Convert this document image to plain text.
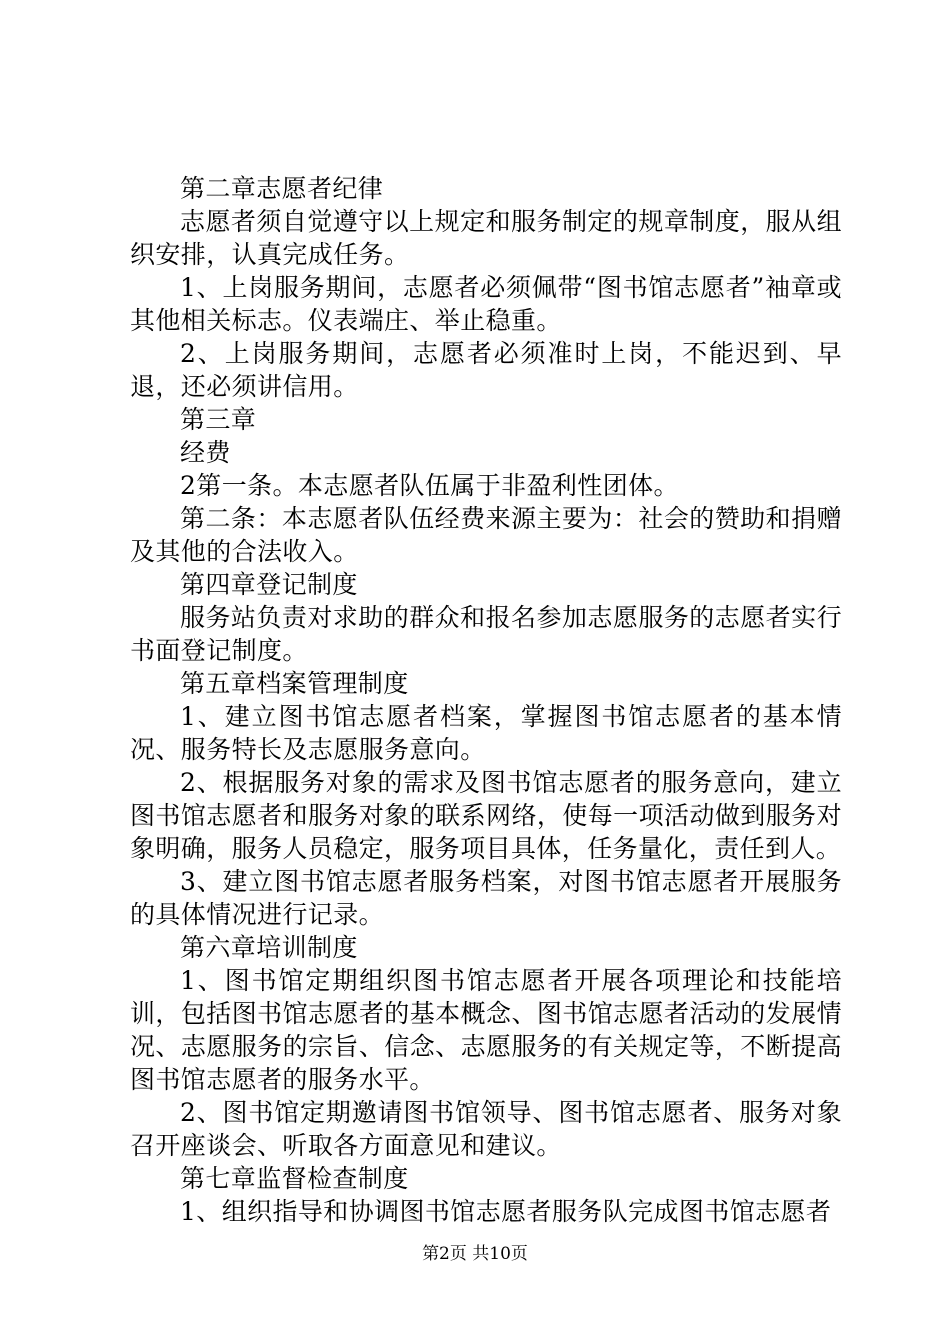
第二章志愿者纪律

志愿者须自觉遵守以上规定和服务制定的规章制度，服从组织安排，认真完成任务。

1、上岗服务期间，志愿者必须佩带“图书馆志愿者”袖章或其他相关标志。仪表端庄、举止稳重。

2、上岗服务期间，志愿者必须准时上岗，不能迟到、早退，还必须讲信用。

第三章

经费

2第一条。本志愿者队伍属于非盈利性团体。

第二条：本志愿者队伍经费来源主要为：社会的赞助和捐赠及其他的合法收入。

第四章登记制度

服务站负责对求助的群众和报名参加志愿服务的志愿者实行书面登记制度。

第五章档案管理制度

1、建立图书馆志愿者档案，掌握图书馆志愿者的基本情况、服务特长及志愿服务意向。

2、根据服务对象的需求及图书馆志愿者的服务意向，建立图书馆志愿者和服务对象的联系网络，使每一项活动做到服务对象明确，服务人员稳定，服务项目具体，任务量化，责任到人。

3、建立图书馆志愿者服务档案，对图书馆志愿者开展服务的具体情况进行记录。

第六章培训制度

1、图书馆定期组织图书馆志愿者开展各项理论和技能培训，包括图书馆志愿者的基本概念、图书馆志愿者活动的发展情况、志愿服务的宗旨、信念、志愿服务的有关规定等，不断提高图书馆志愿者的服务水平。

2、图书馆定期邀请图书馆领导、图书馆志愿者、服务对象召开座谈会、听取各方面意见和建议。

第七章监督检查制度

1、组织指导和协调图书馆志愿者服务队完成图书馆志愿者

第2页 共10页
